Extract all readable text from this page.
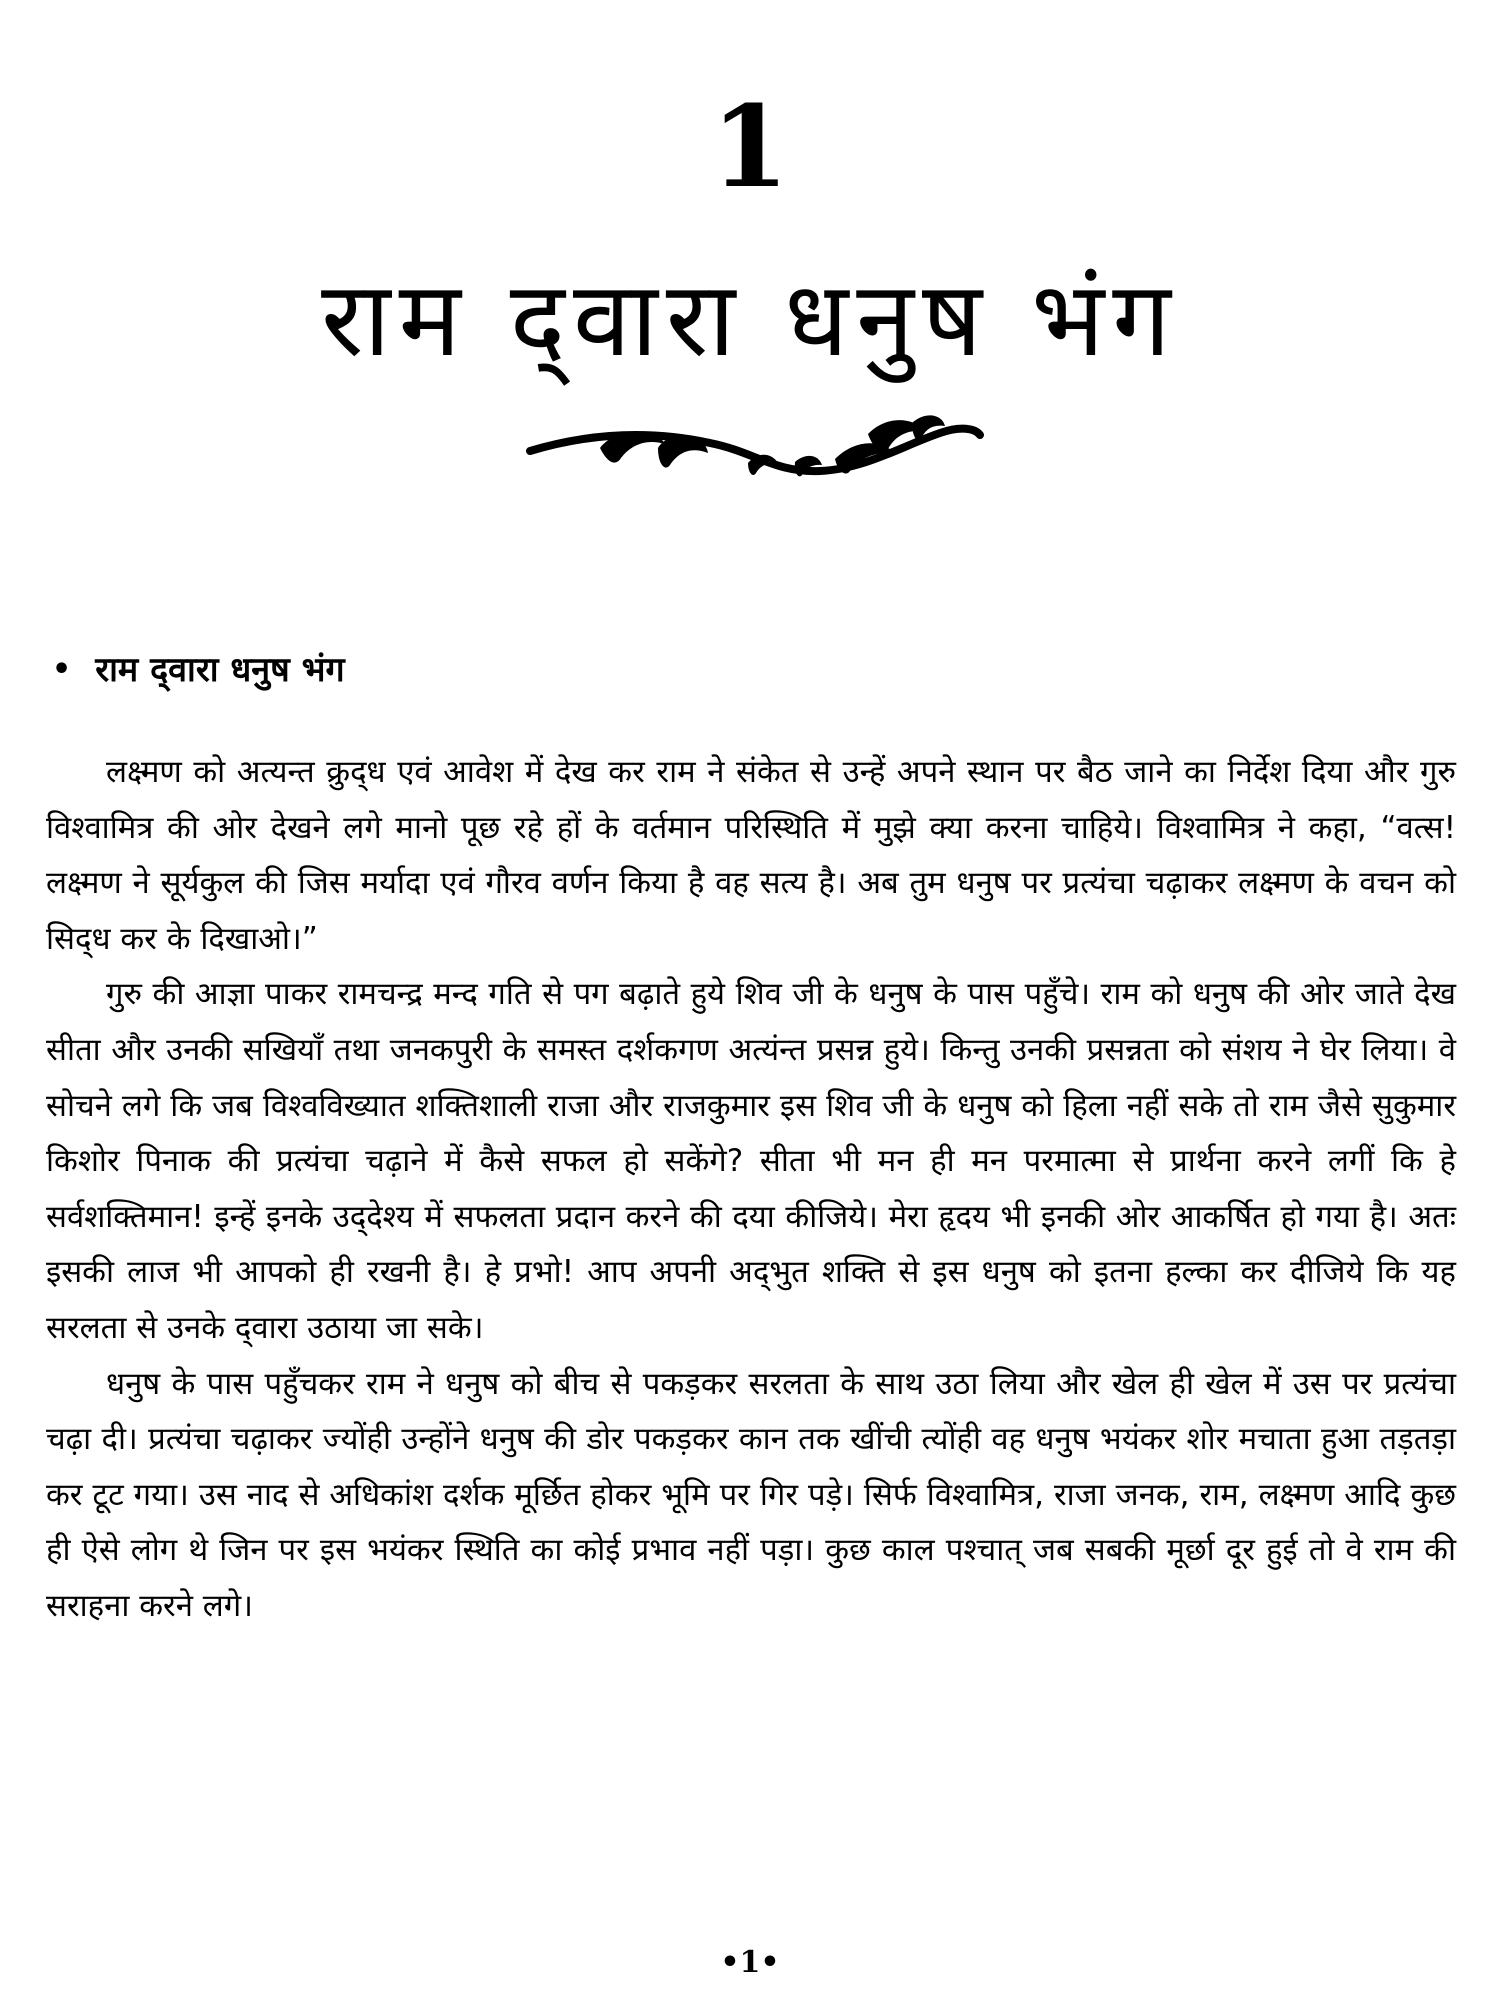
1
राम द्‌वारा धनुष भंग
• राम द्‌वारा धनुष भंग

लक्ष्मण को अत्यन्त क्रुद्‌ध एवं आवेश में देख कर राम ने संकेत से उन्हें अपने स्थान पर बैठ जाने का निर्देश दिया और गुरु विश्वामित्र की ओर देखने लगे मानो पूछ रहे हों के वर्तमान परिस्थिति में मुझे क्या करना चाहिये। विश्वामित्र ने कहा, “वत्स! लक्ष्मण ने सूर्यकुल की जिस मर्यादा एवं गौरव वर्णन किया है वह सत्य है। अब तुम धनुष पर प्रत्यंचा चढ़ाकर लक्ष्मण के वचन को सिद्‌ध कर के दिखाओ।”

गुरु की आज्ञा पाकर रामचन्द्र मन्द गति से पग बढ़ाते हुये शिव जी के धनुष के पास पहुँचे। राम को धनुष की ओर जाते देख सीता और उनकी सखियाँ तथा जनकपुरी के समस्त दर्शकगण अत्यंन्त प्रसन्न हुये। किन्तु उनकी प्रसन्नता को संशय ने घेर लिया। वे सोचने लगे कि जब विश्वविख्यात शक्तिशाली राजा और राजकुमार इस शिव जी के धनुष को हिला नहीं सके तो राम जैसे सुकुमार किशोर पिनाक की प्रत्यंचा चढ़ाने में कैसे सफल हो सकेंगे? सीता भी मन ही मन परमात्मा से प्रार्थना करने लगीं कि हे सर्वशक्तिमान! इन्हें इनके उद्‌देश्य में सफलता प्रदान करने की दया कीजिये। मेरा हृदय भी इनकी ओर आकर्षित हो गया है। अतः इसकी लाज भी आपको ही रखनी है। हे प्रभो! आप अपनी अद्‌भुत शक्ति से इस धनुष को इतना हल्का कर दीजिये कि यह सरलता से उनके द्‌वारा उठाया जा सके।

धनुष के पास पहुँचकर राम ने धनुष को बीच से पकड़कर सरलता के साथ उठा लिया और खेल ही खेल में उस पर प्रत्यंचा चढ़ा दी। प्रत्यंचा चढ़ाकर ज्योंही उन्होंने धनुष की डोर पकड़कर कान तक खींची त्योंही वह धनुष भयंकर शोर मचाता हुआ तड़तड़ा कर टूट गया। उस नाद से अधिकांश दर्शक मूर्छित होकर भूमि पर गिर पड़े। सिर्फ विश्वामित्र, राजा जनक, राम, लक्ष्मण आदि कुछ ही ऐसे लोग थे जिन पर इस भयंकर स्थिति का कोई प्रभाव नहीं पड़ा। कुछ काल पश्चात् जब सबकी मूर्छा दूर हुई तो वे राम की सराहना करने लगे।

•1•
